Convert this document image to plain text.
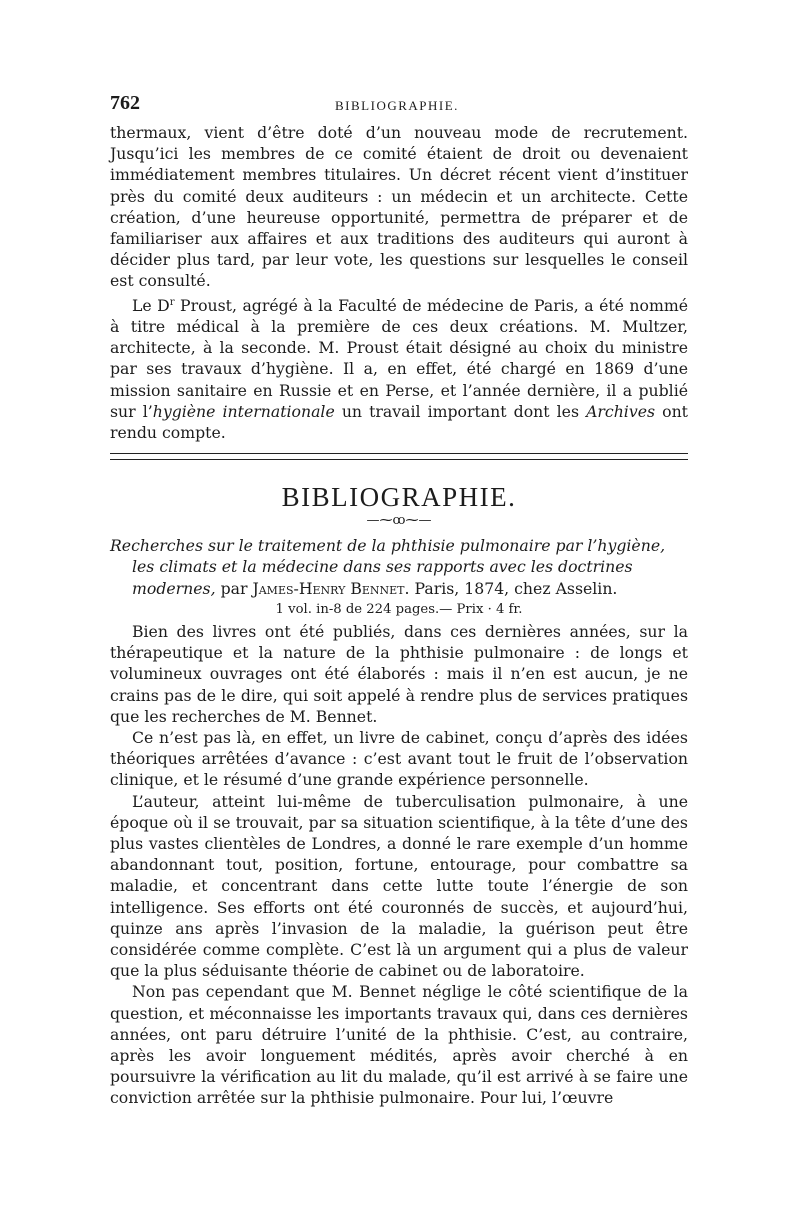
762	BIBLIOGRAPHIE.

thermaux, vient d’être doté d’un nouveau mode de recrutement. Jusqu’ici les membres de ce comité étaient de droit ou devenaient immédiatement membres titulaires. Un décret récent vient d’instituer près du comité deux auditeurs : un médecin et un architecte. Cette création, d’une heureuse opportunité, permettra de préparer et de familiariser aux affaires et aux traditions des auditeurs qui auront à décider plus tard, par leur vote, les questions sur lesquelles le conseil est consulté.

Le $D^r$ Proust, agrégé à la Faculté de médecine de Paris, a été nommé à titre médical à la première de ces deux créations. M. Multzer, architecte, à la seconde. M. Proust était désigné au choix du ministre par ses travaux d’hygiène. Il a, en effet, été chargé en 1869 d’une mission sanitaire en Russie et en Perse, et l’année dernière, il a publié sur l’hygiène internationale un travail important dont les Archives ont rendu compte.

BIBLIOGRAPHIE.
—⁓ꝏ⁓—

Recherches sur le traitement de la phthisie pulmonaire par l’hygiène, les climats et la médecine dans ses rapports avec les doctrines modernes, par James-Henry Bennet. Paris, 1874, chez Asselin.

1 vol. in-8 de 224 pages.— Prix · 4 fr.

Bien des livres ont été publiés, dans ces dernières années, sur la thérapeutique et la nature de la phthisie pulmonaire : de longs et volumineux ouvrages ont été élaborés : mais il n’en est aucun, je ne crains pas de le dire, qui soit appelé à rendre plus de services pratiques que les recherches de M. Bennet.

Ce n’est pas là, en effet, un livre de cabinet, conçu d’après des idées théoriques arrêtées d’avance : c’est avant tout le fruit de l’observation clinique, et le résumé d’une grande expérience personnelle.

L’auteur, atteint lui-même de tuberculisation pulmonaire, à une époque où il se trouvait, par sa situation scientifique, à la tête d’une des plus vastes clientèles de Londres, a donné le rare exemple d’un homme abandonnant tout, position, fortune, entourage, pour combattre sa maladie, et concentrant dans cette lutte toute l’énergie de son intelligence. Ses efforts ont été couronnés de succès, et aujourd’hui, quinze ans après l’invasion de la maladie, la guérison peut être considérée comme complète. C’est là un argument qui a plus de valeur que la plus séduisante théorie de cabinet ou de laboratoire.

Non pas cependant que M. Bennet néglige le côté scientifique de la question, et méconnaisse les importants travaux qui, dans ces dernières années, ont paru détruire l’unité de la phthisie. C’est, au contraire, après les avoir longuement médités, après avoir cherché à en poursuivre la vérification au lit du malade, qu’il est arrivé à se faire une conviction arrêtée sur la phthisie pulmonaire. Pour lui, l’œuvre
